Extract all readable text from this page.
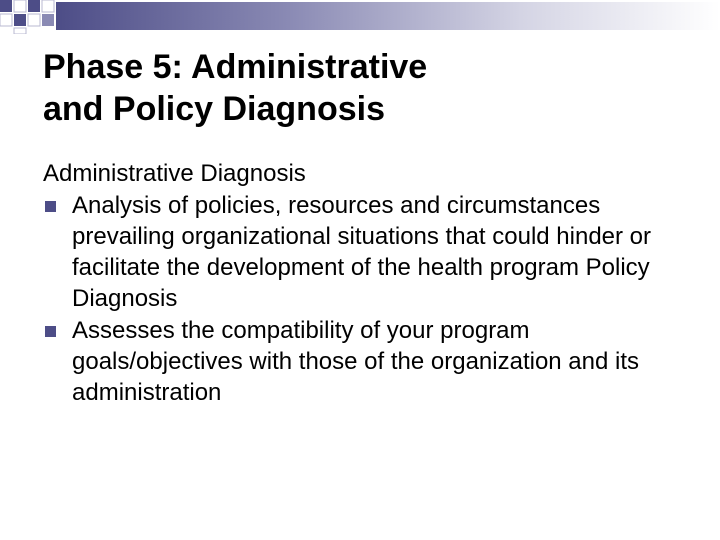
Phase 5: Administrative
and Policy Diagnosis
Administrative Diagnosis
Analysis of policies, resources and circumstances prevailing organizational situations that could hinder or facilitate the development of the health program Policy Diagnosis
Assesses the compatibility of your program goals/objectives with those of the organization and its administration
